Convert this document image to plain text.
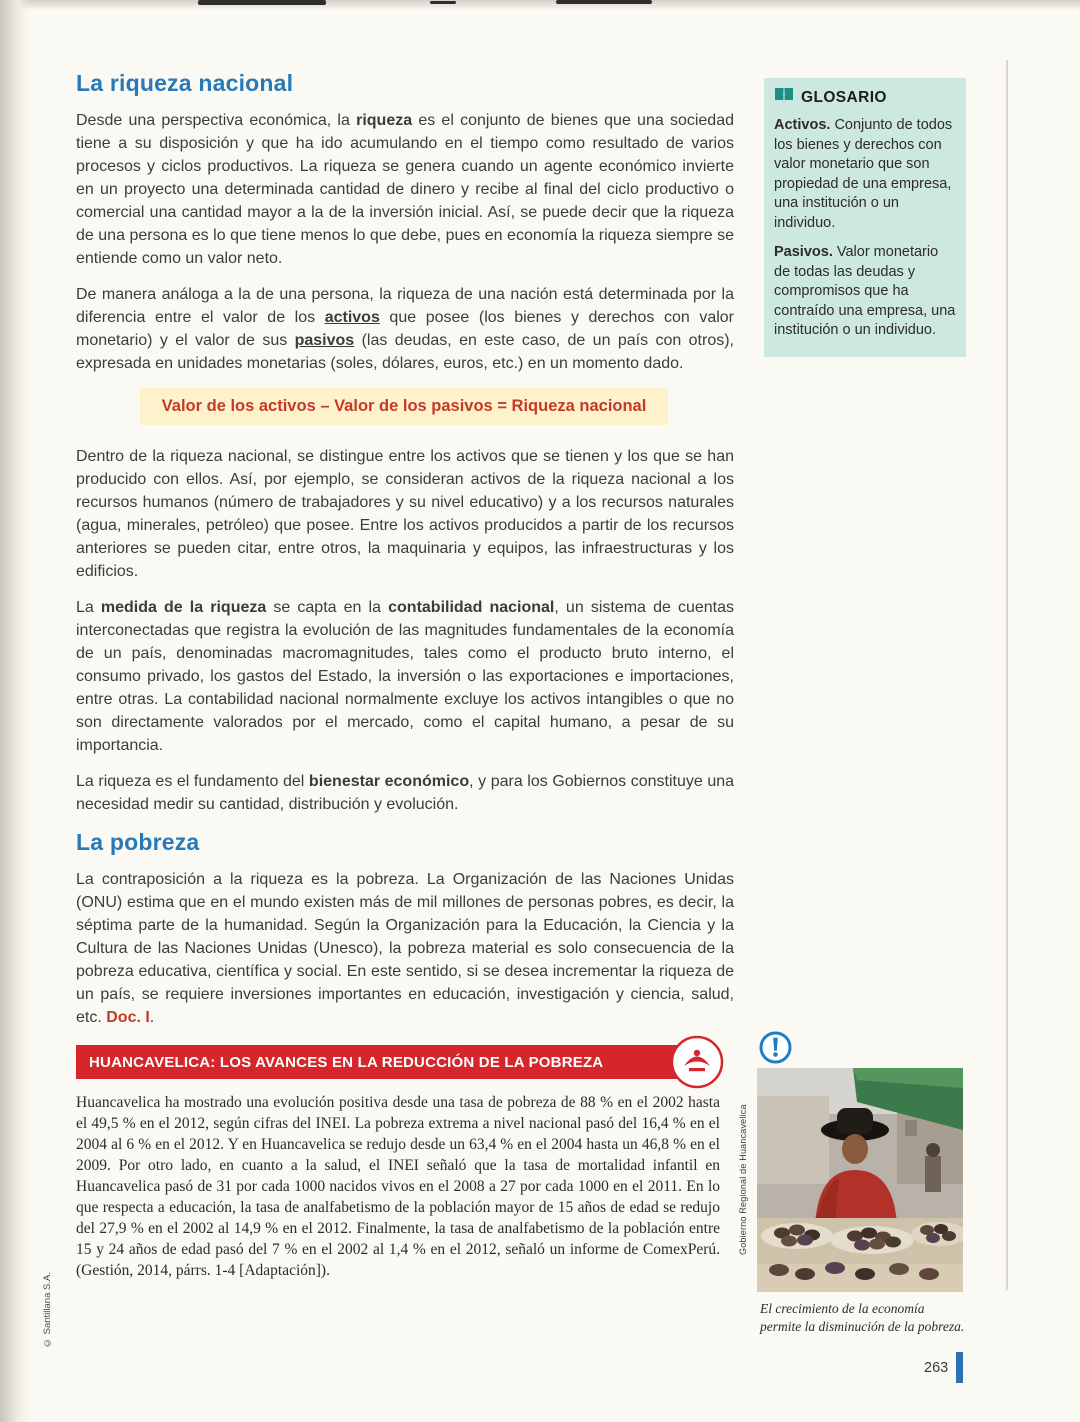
La riqueza nacional

Desde una perspectiva económica, la riqueza es el conjunto de bienes que una sociedad tiene a su disposición y que ha ido acumulando en el tiempo como resultado de varios procesos y ciclos productivos. La riqueza se genera cuando un agente económico invierte en un proyecto una determinada cantidad de dinero y recibe al final del ciclo productivo o comercial una cantidad mayor a la de la inversión inicial. Así, se puede decir que la riqueza de una persona es lo que tiene menos lo que debe, pues en economía la riqueza siempre se entiende como un valor neto.

De manera análoga a la de una persona, la riqueza de una nación está determinada por la diferencia entre el valor de los activos que posee (los bienes y derechos con valor monetario) y el valor de sus pasivos (las deudas, en este caso, de un país con otros), expresada en unidades monetarias (soles, dólares, euros, etc.) en un momento dado.

Valor de los activos – Valor de los pasivos = Riqueza nacional

Dentro de la riqueza nacional, se distingue entre los activos que se tienen y los que se han producido con ellos. Así, por ejemplo, se consideran activos de la riqueza nacional a los recursos humanos (número de trabajadores y su nivel educativo) y a los recursos naturales (agua, minerales, petróleo) que posee. Entre los activos producidos a partir de los recursos anteriores se pueden citar, entre otros, la maquinaria y equipos, las infraestructuras y los edificios.

La medida de la riqueza se capta en la contabilidad nacional, un sistema de cuentas interconectadas que registra la evolución de las magnitudes fundamentales de la economía de un país, denominadas macromagnitudes, tales como el producto bruto interno, el consumo privado, los gastos del Estado, la inversión o las exportaciones e importaciones, entre otras. La contabilidad nacional normalmente excluye los activos intangibles o que no son directamente valorados por el mercado, como el capital humano, a pesar de su importancia.

La riqueza es el fundamento del bienestar económico, y para los Gobiernos constituye una necesidad medir su cantidad, distribución y evolución.

La pobreza

La contraposición a la riqueza es la pobreza. La Organización de las Naciones Unidas (ONU) estima que en el mundo existen más de mil millones de personas pobres, es decir, la séptima parte de la humanidad. Según la Organización para la Educación, la Ciencia y la Cultura de las Naciones Unidas (Unesco), la pobreza material es solo consecuencia de la pobreza educativa, científica y social. En este sentido, si se desea incrementar la riqueza de un país, se requiere inversiones importantes en educación, investigación y ciencia, salud, etc. Doc. I.

HUANCAVELICA: LOS AVANCES EN LA REDUCCIÓN DE LA POBREZA

Huancavelica ha mostrado una evolución positiva desde una tasa de pobreza de 88 % en el 2002 hasta el 49,5 % en el 2012, según cifras del INEI. La pobreza extrema a nivel nacional pasó del 16,4 % en el 2004 al 6 % en el 2012. Y en Huancavelica se redujo desde un 63,4 % en el 2004 hasta un 46,8 % en el 2009. Por otro lado, en cuanto a la salud, el INEI señaló que la tasa de mortalidad infantil en Huancavelica pasó de 31 por cada 1000 nacidos vivos en el 2008 a 27 por cada 1000 en el 2011. En lo que respecta a educación, la tasa de analfabetismo de la población mayor de 15 años de edad se redujo del 27,9 % en el 2002 al 14,9 % en el 2012. Finalmente, la tasa de analfabetismo de la población entre 15 y 24 años de edad pasó del 7 % en el 2002 al 1,4 % en el 2012, señaló un informe de ComexPerú. (Gestión, 2014, párrs. 1-4 [Adaptación]).

GLOSARIO

Activos. Conjunto de todos los bienes y derechos con valor monetario que son propiedad de una empresa, una institución o un individuo.

Pasivos. Valor monetario de todas las deudas y compromisos que ha contraído una empresa, una institución o un individuo.

Gobierno Regional de Huancavelica

El crecimiento de la economía permite la disminución de la pobreza.

263
© Santillana S.A.
